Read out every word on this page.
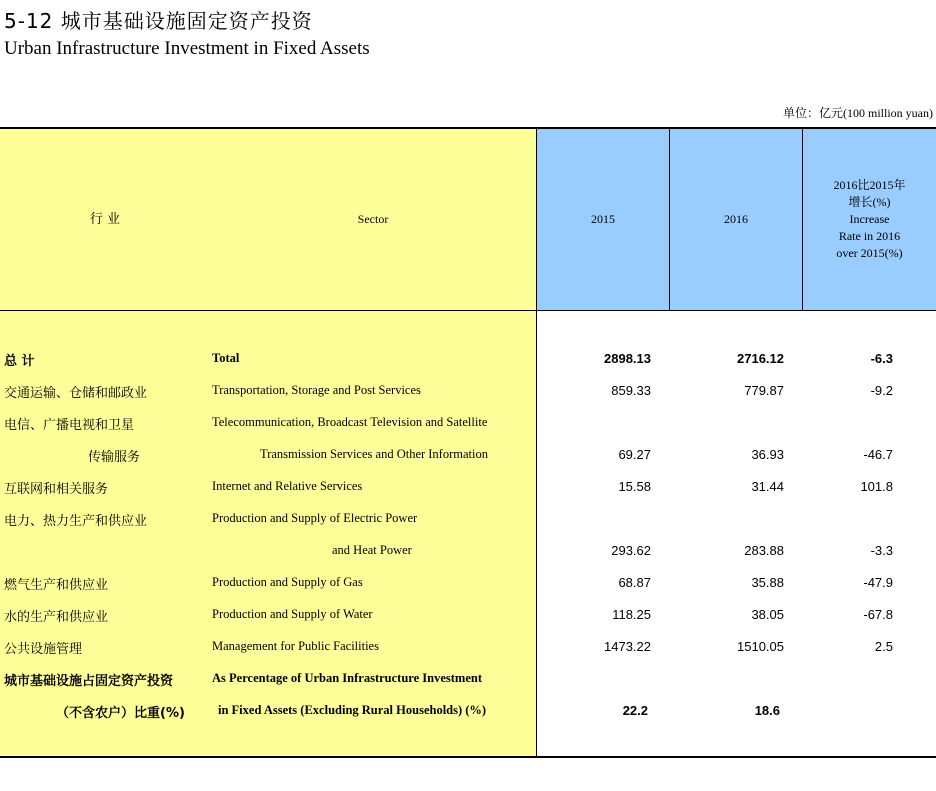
5-12 城市基础设施固定资产投资
Urban Infrastructure Investment in Fixed Assets
单位：亿元(100 million yuan)
行 业	Sector	2015	2016
2016比2015年
增长(%)
Increase
Rate in 2016
over 2015(%)
总 计	Total	2898.13	2716.12	-6.3
交通运输、仓储和邮政业	Transportation, Storage and Post Services	859.33	779.87	-9.2
电信、广播电视和卫星	Telecommunication, Broadcast Television and Satellite
传输服务	Transmission Services and Other Information	69.27	36.93	-46.7
互联网和相关服务	Internet and Relative Services	15.58	31.44	101.8
电力、热力生产和供应业	Production and Supply of Electric Power
and Heat Power	293.62	283.88	-3.3
燃气生产和供应业	Production and Supply of Gas	68.87	35.88	-47.9
水的生产和供应业	Production and Supply of Water	118.25	38.05	-67.8
公共设施管理	Management for Public Facilities	1473.22	1510.05	2.5
城市基础设施占固定资产投资	As Percentage of Urban Infrastructure Investment
（不含农户）比重(%)	in Fixed Assets (Excluding Rural Households) (%)	22.2	18.6
